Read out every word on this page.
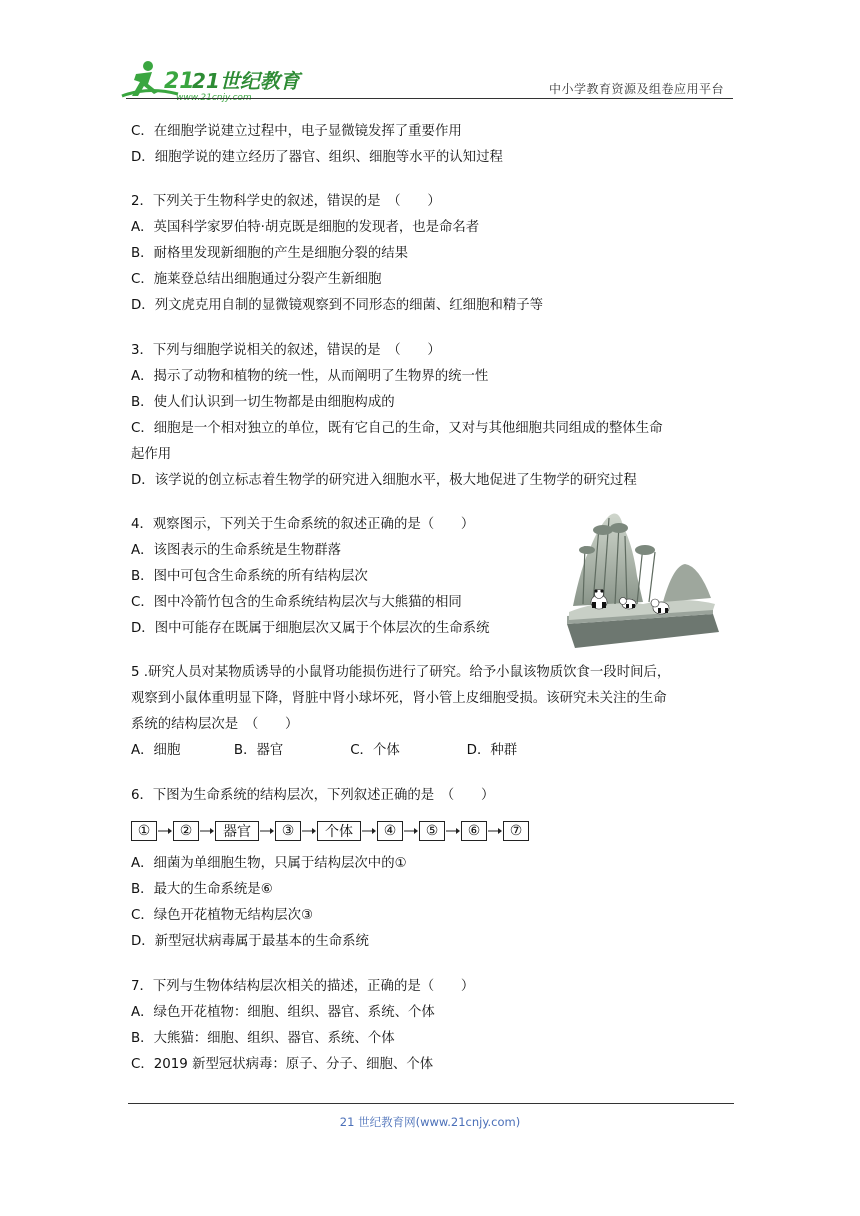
21
21世纪教育
www.21cnjy.com
中小学教育资源及组卷应用平台
C．在细胞学说建立过程中，电子显微镜发挥了重要作用
D．细胞学说的建立经历了器官、组织、细胞等水平的认知过程
2．下列关于生物科学史的叙述，错误的是　（　　）
A．英国科学家罗伯特·胡克既是细胞的发现者，也是命名者
B．耐格里发现新细胞的产生是细胞分裂的结果
C．施莱登总结出细胞通过分裂产生新细胞
D．列文虎克用自制的显微镜观察到不同形态的细菌、红细胞和精子等
3．下列与细胞学说相关的叙述，错误的是　（　　）
A．揭示了动物和植物的统一性，从而阐明了生物界的统一性
B．使人们认识到一切生物都是由细胞构成的
C．细胞是一个相对独立的单位，既有它自己的生命，又对与其他细胞共同组成的整体生命
起作用
D．该学说的创立标志着生物学的研究进入细胞水平，极大地促进了生物学的研究过程
4．观察图示，下列关于生命系统的叙述正确的是（　　）
A．该图表示的生命系统是生物群落
B．图中可包含生命系统的所有结构层次
C．图中冷箭竹包含的生命系统结构层次与大熊猫的相同
D．图中可能存在既属于细胞层次又属于个体层次的生命系统
5 .研究人员对某物质诱导的小鼠肾功能损伤进行了研究。给予小鼠该物质饮食一段时间后，
观察到小鼠体重明显下降，肾脏中肾小球坏死，肾小管上皮细胞受损。该研究未关注的生命
系统的结构层次是　（　　）
A．细胞　　　　B．器官　　　　　C．个体　　　　　D．种群
6．下图为生命系统的结构层次，下列叙述正确的是　（　　）
①	②	器官	③	个体	④	⑤	⑥	⑦
A．细菌为单细胞生物，只属于结构层次中的①
B．最大的生命系统是⑥
C．绿色开花植物无结构层次③
D．新型冠状病毒属于最基本的生命系统
7．下列与生物体结构层次相关的描述，正确的是（　　）
A．绿色开花植物：细胞、组织、器官、系统、个体
B．大熊猫：细胞、组织、器官、系统、个体
C．2019 新型冠状病毒：原子、分子、细胞、个体
21 世纪教育网(www.21cnjy.com)
